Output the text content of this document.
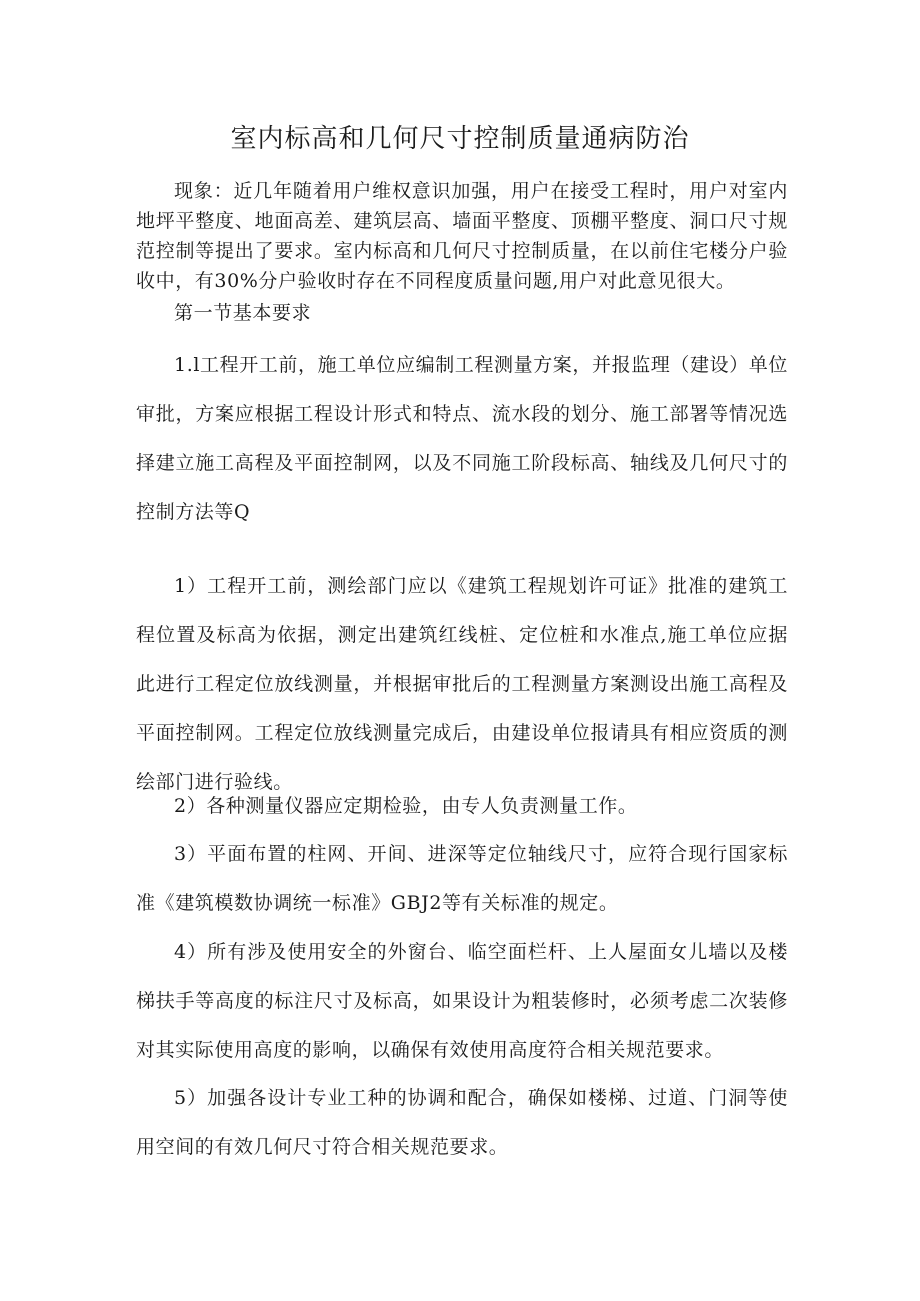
室内标高和几何尺寸控制质量通病防治

现象：近几年随着用户维权意识加强，用户在接受工程时，用户对室内地坪平整度、地面高差、建筑层高、墙面平整度、顶棚平整度、洞口尺寸规范控制等提出了要求。室内标高和几何尺寸控制质量，在以前住宅楼分户验收中，有30%分户验收时存在不同程度质量问题,用户对此意见很大。

第一节基本要求

1.l工程开工前，施工单位应编制工程测量方案，并报监理（建设）单位审批，方案应根据工程设计形式和特点、流水段的划分、施工部署等情况选择建立施工高程及平面控制网，以及不同施工阶段标高、轴线及几何尺寸的控制方法等Q

1）工程开工前，测绘部门应以《建筑工程规划许可证》批准的建筑工程位置及标高为依据，测定出建筑红线桩、定位桩和水准点,施工单位应据此进行工程定位放线测量，并根据审批后的工程测量方案测设出施工高程及平面控制网。工程定位放线测量完成后，由建设单位报请具有相应资质的测绘部门进行验线。

2）各种测量仪器应定期检验，由专人负责测量工作。

3）平面布置的柱网、开间、进深等定位轴线尺寸，应符合现行国家标准《建筑模数协调统一标准》GBJ2等有关标准的规定。

4）所有涉及使用安全的外窗台、临空面栏杆、上人屋面女儿墙以及楼梯扶手等高度的标注尺寸及标高，如果设计为粗装修时，必须考虑二次装修对其实际使用高度的影响，以确保有效使用高度符合相关规范要求。

5）加强各设计专业工种的协调和配合，确保如楼梯、过道、门洞等使用空间的有效几何尺寸符合相关规范要求。
